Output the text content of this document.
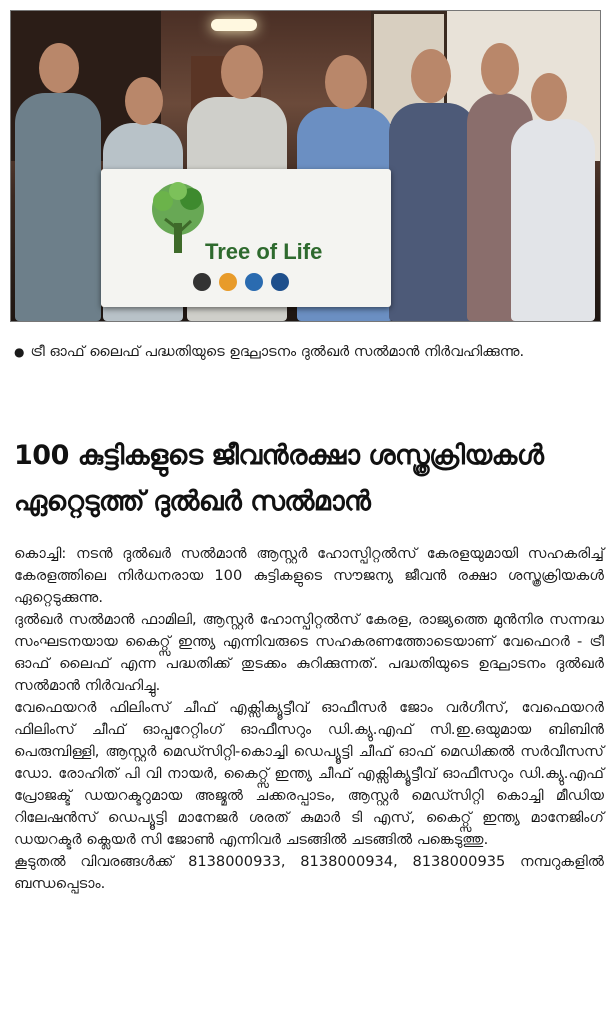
Tree of Life

● ട്രീ ഓഫ് ലൈഫ് പദ്ധതിയുടെ ഉദ്ഘാടനം ദുൽഖർ സൽമാൻ നിർവഹിക്കുന്നു.

100 കുട്ടികളുടെ ജീവൻരക്ഷാ ശസ്ത്രക്രിയകൾ ഏറ്റെടുത്ത് ദുൽഖർ സൽമാൻ

കൊച്ചി: നടൻ ദുൽഖർ സൽമാൻ ആസ്റ്റർ ഹോസ്പിറ്റൽസ് കേരളയുമായി സഹകരിച്ച് കേരളത്തിലെ നിർധനരായ 100 കുട്ടികളുടെ സൗജന്യ ജീവൻ രക്ഷാ ശസ്ത്രക്രിയകൾ ഏറ്റെടുക്കുന്നു.

ദുൽഖർ സൽമാൻ ഫാമിലി, ആസ്റ്റർ ഹോസ്പിറ്റൽസ് കേരള, രാജ്യത്തെ മുൻനിര സന്നദ്ധ സംഘടനയായ കൈറ്റ്സ് ഇന്ത്യ എന്നിവരുടെ സഹകരണത്തോടെയാണ് വേഫെറർ - ട്രീ ഓഫ് ലൈഫ് എന്ന പദ്ധതിക്ക് തുടക്കം കുറിക്കുന്നത്. പദ്ധതിയുടെ ഉദ്ഘാടനം ദുൽഖർ സൽമാൻ നിർവഹിച്ചു.

വേഫെയറർ ഫിലിംസ് ചീഫ് എക്സിക്യൂട്ടീവ് ഓഫീസർ ജോം വർഗീസ്, വേഫെയറർ ഫിലിംസ് ചീഫ് ഓപ്പറേറ്റിംഗ് ഓഫീസറും ഡി.ക്യു.എഫ് സി.ഇ.ഒയുമായ ബിബിൻ പെരുമ്പിള്ളി, ആസ്റ്റർ മെഡ്സിറ്റി-കൊച്ചി ഡെപ്യൂട്ടി ചീഫ് ഓഫ് മെഡിക്കൽ സർവീസസ് ഡോ. രോഹിത് പി വി നായർ, കൈറ്റ്സ് ഇന്ത്യ ചീഫ് എക്സിക്യൂട്ടീവ് ഓഫീസറും ഡി.ക്യു.എഫ് പ്രോജക്ട് ഡയറക്ടറുമായ അജ്മൽ ചക്കരപ്പാടം, ആസ്റ്റർ മെഡ്സിറ്റി കൊച്ചി മീഡിയ റിലേഷൻസ് ഡെപ്യൂട്ടി മാനേജർ ശരത് കുമാർ ടി എസ്, കൈറ്റ്സ് ഇന്ത്യ മാനേജിംഗ് ഡയറക്ടർ ക്ലെയർ സി ജോൺ എന്നിവർ ചടങ്ങിൽ ചടങ്ങിൽ പങ്കെടുത്തു.

കൂടുതൽ വിവരങ്ങൾക്ക് 8138000933, 8138000934, 8138000935 നമ്പറുകളിൽ ബന്ധപ്പെടാം.
